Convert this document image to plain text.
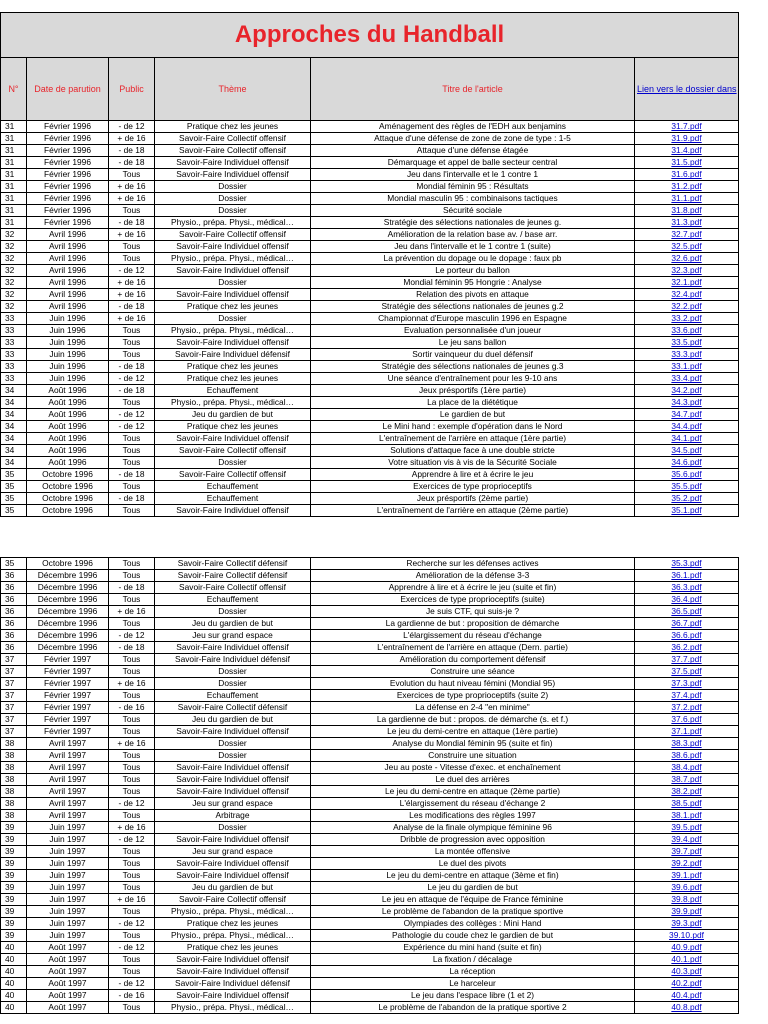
Approches du Handball					
N°	Date de parution	Public	Thème	Titre de l'article	Lien vers le dossier dans
31	Février 1996	- de 12	Pratique chez les jeunes	Aménagement des règles de l'EDH aux benjamins	31.7.pdf
31	Février 1996	+ de 16	Savoir-Faire Collectif offensif	Attaque d'une défense de zone de zone de type : 1-5	31.9.pdf
31	Février 1996	- de 18	Savoir-Faire Collectif offensif	Attaque d'une défense étagée	31.4.pdf
31	Février 1996	- de 18	Savoir-Faire Individuel offensif	Démarquage et appel de balle secteur central	31.5.pdf
31	Février 1996	Tous	Savoir-Faire Individuel offensif	Jeu dans l'intervalle et le 1 contre 1	31.6.pdf
31	Février 1996	+ de 16	Dossier	Mondial féminin 95 : Résultats	31.2.pdf
31	Février 1996	+ de 16	Dossier	Mondial masculin 95 : combinaisons tactiques	31.1.pdf
31	Février 1996	Tous	Dossier	Sécurité sociale	31.8.pdf
31	Février 1996	- de 18	Physio., prépa. Physi., médical…	Stratégie des sélections nationales de jeunes g.	31.3.pdf
32	Avril 1996	+ de 16	Savoir-Faire Collectif offensif	Amélioration de la relation base av. / base arr.	32.7.pdf
32	Avril 1996	Tous	Savoir-Faire Individuel offensif	Jeu dans l'intervalle et le 1 contre 1 (suite)	32.5.pdf
32	Avril 1996	Tous	Physio., prépa. Physi., médical…	La prévention du dopage ou le dopage : faux pb	32.6.pdf
32	Avril 1996	- de 12	Savoir-Faire Individuel offensif	Le porteur du ballon	32.3.pdf
32	Avril 1996	+ de 16	Dossier	Mondial féminin 95 Hongrie : Analyse	32.1.pdf
32	Avril 1996	+ de 16	Savoir-Faire Individuel offensif	Relation des pivots en attaque	32.4.pdf
32	Avril 1996	- de 18	Pratique chez les jeunes	Stratégie des sélections nationales de jeunes g.2	32.2.pdf
33	Juin 1996	+ de 16	Dossier	Championnat d'Europe masculin 1996 en Espagne	33.2.pdf
33	Juin 1996	Tous	Physio., prépa. Physi., médical…	Evaluation personnalisée d'un joueur	33.6.pdf
33	Juin 1996	Tous	Savoir-Faire Individuel offensif	Le jeu sans ballon	33.5.pdf
33	Juin 1996	Tous	Savoir-Faire Individuel défensif	Sortir vainqueur du duel défensif	33.3.pdf
33	Juin 1996	- de 18	Pratique chez les jeunes	Stratégie des sélections nationales de jeunes g.3	33.1.pdf
33	Juin 1996	- de 12	Pratique chez les jeunes	Une séance d'entraînement pour les 9-10 ans	33.4.pdf
34	Août 1996	- de 18	Echauffement	Jeux présportifs (1ère partie)	34.2.pdf
34	Août 1996	Tous	Physio., prépa. Physi., médical…	La place de la diététique	34.3.pdf
34	Août 1996	- de 12	Jeu du gardien de but	Le gardien de but	34.7.pdf
34	Août 1996	- de 12	Pratique chez les jeunes	Le Mini hand : exemple d'opération dans le Nord	34.4.pdf
34	Août 1996	Tous	Savoir-Faire Individuel offensif	L'entraînement de l'arrière en attaque (1ère partie)	34.1.pdf
34	Août 1996	Tous	Savoir-Faire Collectif offensif	Solutions d'attaque face à une double stricte	34.5.pdf
34	Août 1996	Tous	Dossier	Votre situation vis à vis de la Sécurité Sociale	34.6.pdf
35	Octobre 1996	- de 18	Savoir-Faire Collectif offensif	Apprendre à lire et à écrire le jeu	35.6.pdf
35	Octobre 1996	Tous	Echauffement	Exercices de type proprioceptifs	35.5.pdf
35	Octobre 1996	- de 18	Echauffement	Jeux présportifs (2ème partie)	35.2.pdf
35	Octobre 1996	Tous	Savoir-Faire Individuel offensif	L'entraînement de l'arrière en attaque (2ème partie)	35.1.pdf
35	Octobre 1996	Tous	Savoir-Faire Collectif défensif	Recherche sur les défenses actives	35.3.pdf
36	Décembre 1996	Tous	Savoir-Faire Collectif défensif	Amélioration de la défense 3-3	36.1.pdf
36	Décembre 1996	- de 18	Savoir-Faire Collectif offensif	Apprendre à lire et à écrire le jeu (suite et fin)	36.3.pdf
36	Décembre 1996	Tous	Echauffement	Exercices de type proprioceptifs (suite)	36.4.pdf
36	Décembre 1996	+ de 16	Dossier	Je suis CTF, qui suis-je ?	36.5.pdf
36	Décembre 1996	Tous	Jeu du gardien de but	La gardienne de but : proposition de démarche	36.7.pdf
36	Décembre 1996	- de 12	Jeu sur grand espace	L'élargissement du réseau d'échange	36.6.pdf
36	Décembre 1996	- de 18	Savoir-Faire Individuel offensif	L'entraînement de l'arrière en attaque (Dern. partie)	36.2.pdf
37	Février 1997	Tous	Savoir-Faire Individuel défensif	Amélioration du comportement défensif	37.7.pdf
37	Février 1997	Tous	Dossier	Construire une séance	37.5.pdf
37	Février 1997	+ de 16	Dossier	Evolution du haut niveau fémini (Mondial 95)	37.3.pdf
37	Février 1997	Tous	Echauffement	Exercices de type proprioceptifs (suite 2)	37.4.pdf
37	Février 1997	- de 16	Savoir-Faire Collectif défensif	La défense en 2-4 "en minime"	37.2.pdf
37	Février 1997	Tous	Jeu du gardien de but	La gardienne de but : propos. de démarche (s. et f.)	37.6.pdf
37	Février 1997	Tous	Savoir-Faire Individuel offensif	Le jeu du demi-centre en attaque (1ère partie)	37.1.pdf
38	Avril 1997	+ de 16	Dossier	Analyse du Mondial féminin 95 (suite et fin)	38.3.pdf
38	Avril 1997	Tous	Dossier	Construire une situation	38.6.pdf
38	Avril 1997	Tous	Savoir-Faire Individuel offensif	Jeu au poste - Vitesse d'exec. et enchaînement	38.4.pdf
38	Avril 1997	Tous	Savoir-Faire Individuel offensif	Le duel des arrières	38.7.pdf
38	Avril 1997	Tous	Savoir-Faire Individuel offensif	Le jeu du demi-centre en attaque (2ème partie)	38.2.pdf
38	Avril 1997	- de 12	Jeu sur grand espace	L'élargissement du réseau d'échange 2	38.5.pdf
38	Avril 1997	Tous	Arbitrage	Les modifications des règles 1997	38.1.pdf
39	Juin 1997	+ de 16	Dossier	Analyse de la finale olympique féminine 96	39.5.pdf
39	Juin 1997	- de 12	Savoir-Faire Individuel offensif	Dribble de progression avec opposition	39.4.pdf
39	Juin 1997	Tous	Jeu sur grand espace	La montée offensive	39.7.pdf
39	Juin 1997	Tous	Savoir-Faire Individuel offensif	Le duel des pivots	39.2.pdf
39	Juin 1997	Tous	Savoir-Faire Individuel offensif	Le jeu du demi-centre en attaque (3ème et fin)	39.1.pdf
39	Juin 1997	Tous	Jeu du gardien de but	Le jeu du gardien de but	39.6.pdf
39	Juin 1997	+ de 16	Savoir-Faire Collectif offensif	Le jeu en attaque de l'équipe de France féminine	39.8.pdf
39	Juin 1997	Tous	Physio., prépa. Physi., médical…	Le problème de l'abandon de la pratique sportive	39.9.pdf
39	Juin 1997	- de 12	Pratique chez les jeunes	Olympiades des collèges : Mini Hand	39.3.pdf
39	Juin 1997	Tous	Physio., prépa. Physi., médical…	Pathologie du coude chez le gardien de but	39.10.pdf
40	Août 1997	- de 12	Pratique chez les jeunes	Expérience du mini hand (suite et fin)	40.9.pdf
40	Août 1997	Tous	Savoir-Faire Individuel offensif	La fixation / décalage	40.1.pdf
40	Août 1997	Tous	Savoir-Faire Individuel offensif	La réception	40.3.pdf
40	Août 1997	- de 12	Savoir-Faire Individuel défensif	Le harceleur	40.2.pdf
40	Août 1997	- de 16	Savoir-Faire Individuel offensif	Le jeu dans l'espace libre (1 et 2)	40.4.pdf
40	Août 1997	Tous	Physio., prépa. Physi., médical…	Le problème de l'abandon de la pratique sportive 2	40.8.pdf
